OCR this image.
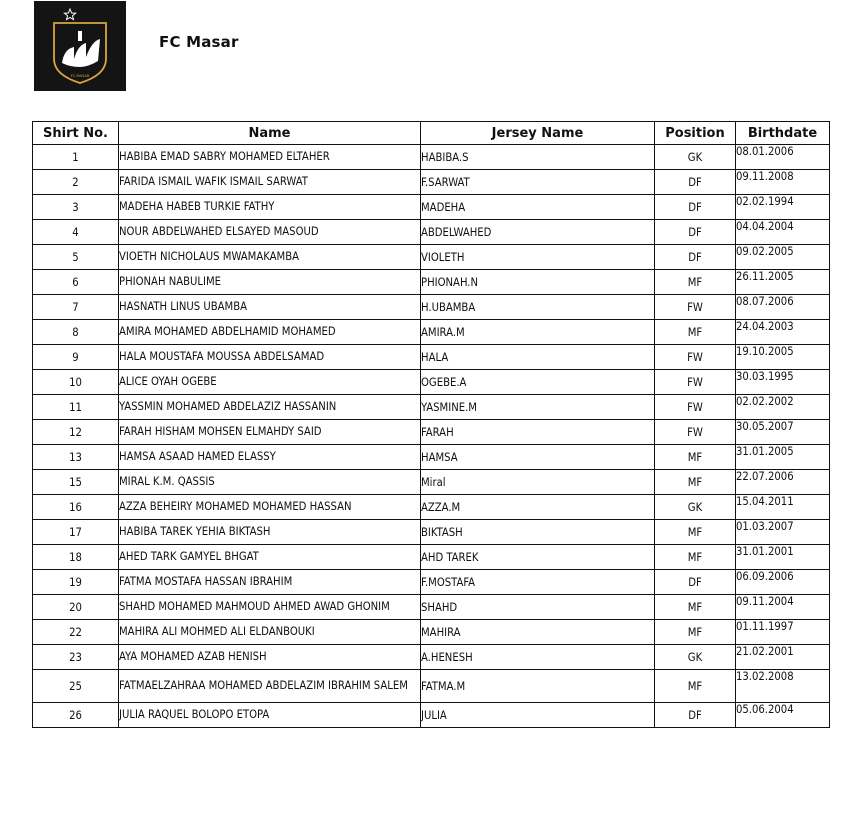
FC MASAR
FC Masar
Shirt No.	Name	Jersey Name	Position	Birthdate
1	HABIBA EMAD SABRY MOHAMED ELTAHER	HABIBA.S	GK	08.01.2006
2	FARIDA ISMAIL WAFIK ISMAIL SARWAT	F.SARWAT	DF	09.11.2008
3	MADEHA HABEB TURKIE FATHY	MADEHA	DF	02.02.1994
4	NOUR ABDELWAHED ELSAYED MASOUD	ABDELWAHED	DF	04.04.2004
5	VIOETH NICHOLAUS MWAMAKAMBA	VIOLETH	DF	09.02.2005
6	PHIONAH NABULIME	PHIONAH.N	MF	26.11.2005
7	HASNATH LINUS UBAMBA	H.UBAMBA	FW	08.07.2006
8	AMIRA MOHAMED ABDELHAMID MOHAMED	AMIRA.M	MF	24.04.2003
9	HALA MOUSTAFA MOUSSA ABDELSAMAD	HALA	FW	19.10.2005
10	ALICE OYAH OGEBE	OGEBE.A	FW	30.03.1995
11	YASSMIN MOHAMED ABDELAZIZ HASSANIN	YASMINE.M	FW	02.02.2002
12	FARAH HISHAM MOHSEN ELMAHDY SAID	FARAH	FW	30.05.2007
13	HAMSA ASAAD HAMED ELASSY	HAMSA	MF	31.01.2005
15	MIRAL K.M. QASSIS	Miral	MF	22.07.2006
16	AZZA BEHEIRY MOHAMED MOHAMED HASSAN	AZZA.M	GK	15.04.2011
17	HABIBA TAREK YEHIA BIKTASH	BIKTASH	MF	01.03.2007
18	AHED TARK GAMYEL BHGAT	AHD TAREK	MF	31.01.2001
19	FATMA MOSTAFA HASSAN IBRAHIM	F.MOSTAFA	DF	06.09.2006
20	SHAHD MOHAMED MAHMOUD AHMED AWAD GHONIM	SHAHD	MF	09.11.2004
22	MAHIRA ALI MOHMED ALI ELDANBOUKI	MAHIRA	MF	01.11.1997
23	AYA MOHAMED AZAB HENISH	A.HENESH	GK	21.02.2001
25	FATMAELZAHRAA MOHAMED ABDELAZIM IBRAHIM SALEM	FATMA.M	MF	13.02.2008
26	JULIA RAQUEL BOLOPO ETOPA	JULIA	DF	05.06.2004
